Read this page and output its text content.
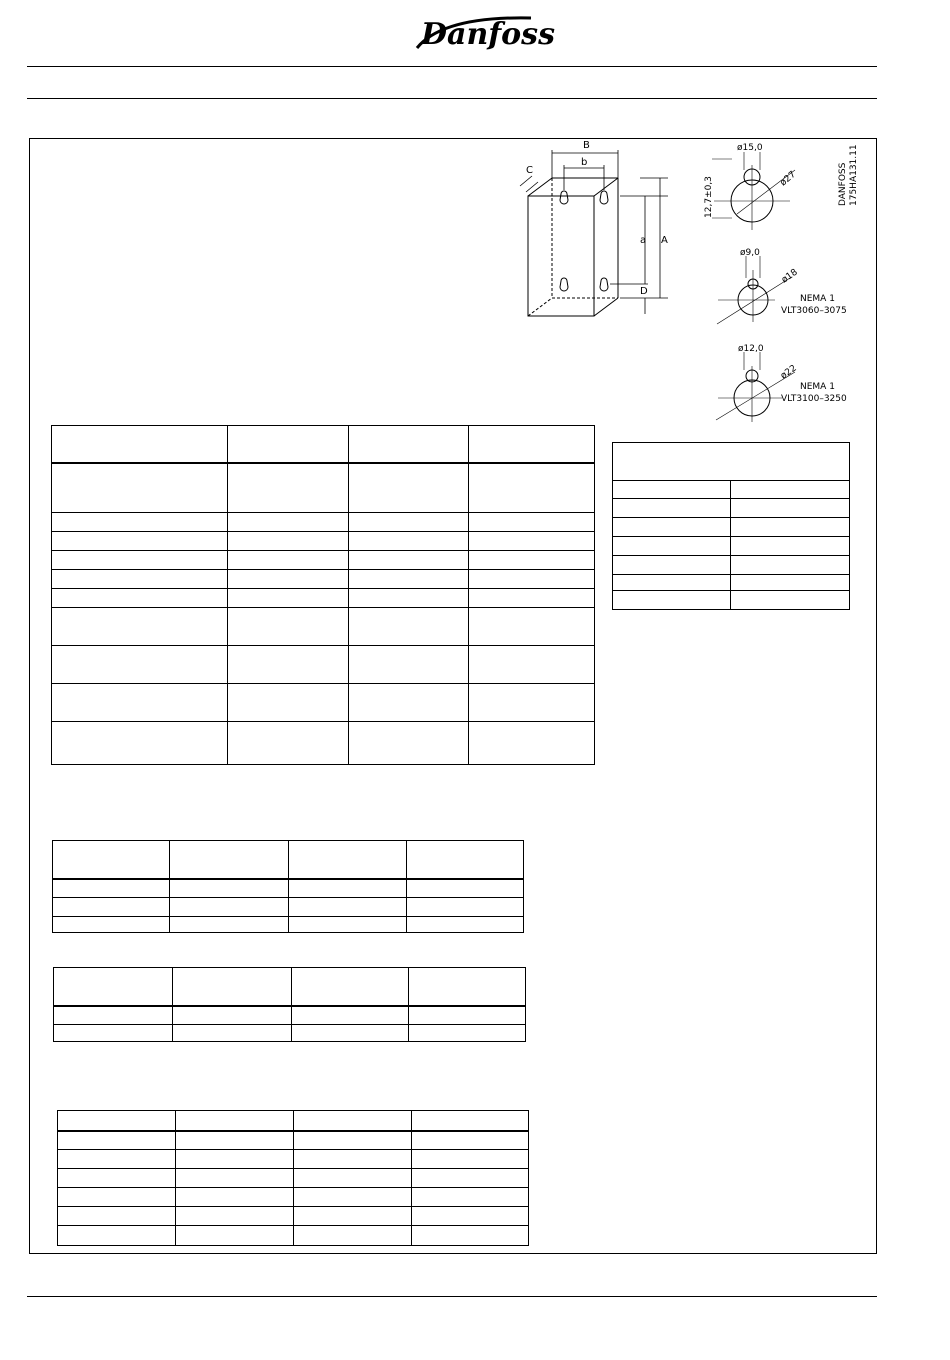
Danfoss
B
b
C
a A
D
ø15,0
ø27
12,7±0,3
ø9,0
ø18
NEMA 1
VLT3060–3075
ø12,0
ø22
NEMA 1
VLT3100–3250
DANFOSS 175HA131.11
